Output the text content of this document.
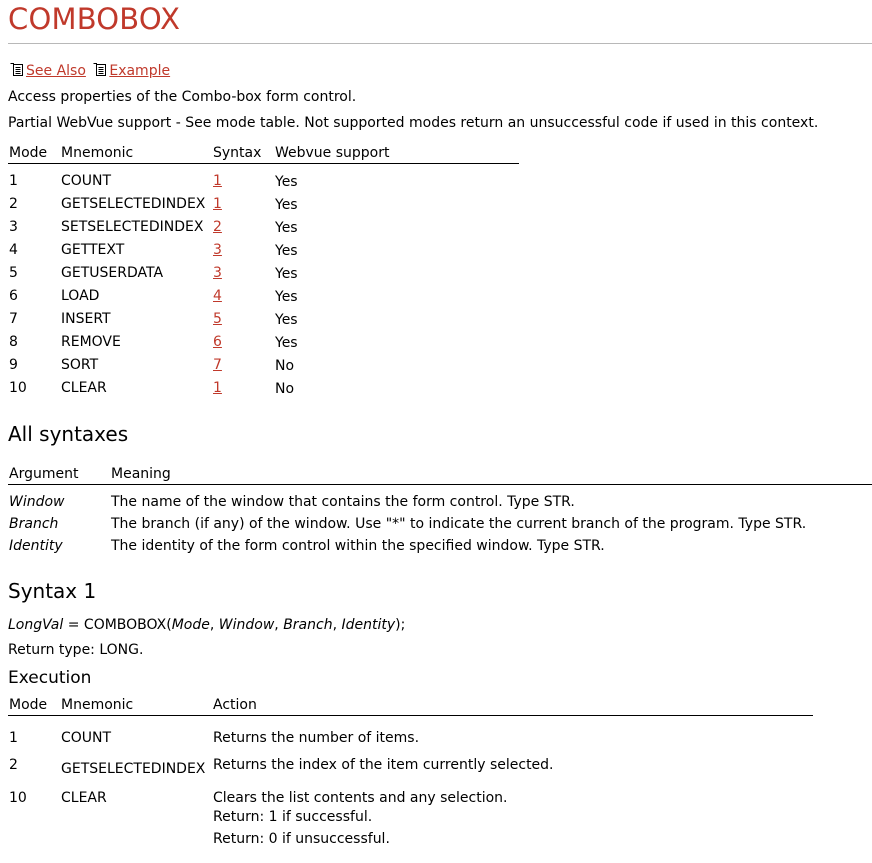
COMBOBOX
See Also Example
Access properties of the Combo-box form control.
Partial WebVue support - See mode table. Not supported modes return an unsuccessful code if used in this context.
Mode Mnemonic	Syntax Webvue support
1	COUNT	1	Yes
2	GETSELECTEDINDEX 1	Yes
3	SETSELECTEDINDEX 2	Yes
4	GETTEXT	3	Yes
5	GETUSERDATA	3	Yes
6	LOAD	4	Yes
7	INSERT	5	Yes
8	REMOVE	6	Yes
9	SORT	7	No
10 CLEAR	1	No
All syntaxes
Argument Meaning
Window	The name of the window that contains the form control. Type STR.
Branch	The branch (if any) of the window. Use "*" to indicate the current branch of the program. Type STR.
Identity	The identity of the form control within the specified window. Type STR.
Syntax 1
LongVal = COMBOBOX(Mode, Window, Branch, Identity);
Return type: LONG.
Execution
Mode Mnemonic	Action
1	COUNT	Returns the number of items.
2	GETSELECTEDINDEX Returns the index of the item currently selected.
10 CLEAR	Clears the list contents and any selection.
Return: 1 if successful.
Return: 0 if unsuccessful.
